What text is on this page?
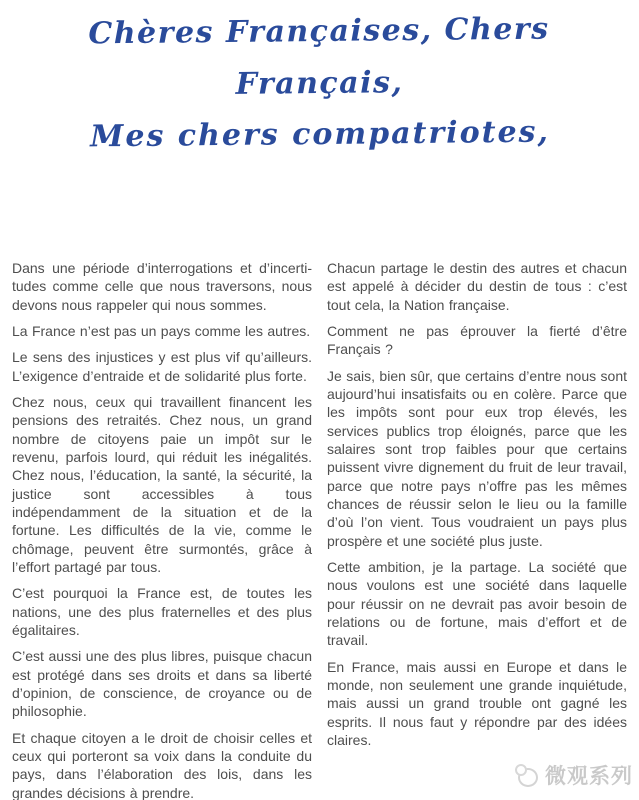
Chères Françaises, Chers Français,
Mes chers compatriotes,

Dans une période d’interrogations et d’incertitudes comme celle que nous traversons, nous devons nous rappeler qui nous sommes.

La France n’est pas un pays comme les autres.

Le sens des injustices y est plus vif qu’ailleurs. L’exigence d’entraide et de solidarité plus forte.

Chez nous, ceux qui travaillent financent les pensions des retraités. Chez nous, un grand nombre de citoyens paie un impôt sur le revenu, parfois lourd, qui réduit les inégalités. Chez nous, l’éducation, la santé, la sécurité, la justice sont accessibles à tous indépendamment de la situation et de la fortune. Les difficultés de la vie, comme le chômage, peuvent être surmontés, grâce à l’effort partagé par tous.

C’est pourquoi la France est, de toutes les nations, une des plus fraternelles et des plus égalitaires.

C’est aussi une des plus libres, puisque chacun est protégé dans ses droits et dans sa liberté d’opinion, de conscience, de croyance ou de philosophie.

Et chaque citoyen a le droit de choisir celles et ceux qui porteront sa voix dans la conduite du pays, dans l’élaboration des lois, dans les grandes décisions à prendre.

Chacun partage le destin des autres et chacun est appelé à décider du destin de tous : c’est tout cela, la Nation française.

Comment ne pas éprouver la fierté d’être Français ?

Je sais, bien sûr, que certains d’entre nous sont aujourd’hui insatisfaits ou en colère. Parce que les impôts sont pour eux trop élevés, les services publics trop éloignés, parce que les salaires sont trop faibles pour que certains puissent vivre dignement du fruit de leur travail, parce que notre pays n’offre pas les mêmes chances de réussir selon le lieu ou la famille d’où l’on vient. Tous voudraient un pays plus prospère et une société plus juste.

Cette ambition, je la partage. La société que nous voulons est une société dans laquelle pour réussir on ne devrait pas avoir besoin de relations ou de fortune, mais d’effort et de travail.

En France, mais aussi en Europe et dans le monde, non seulement une grande inquiétude, mais aussi un grand trouble ont gagné les esprits. Il nous faut y répondre par des idées claires.

微观系列
